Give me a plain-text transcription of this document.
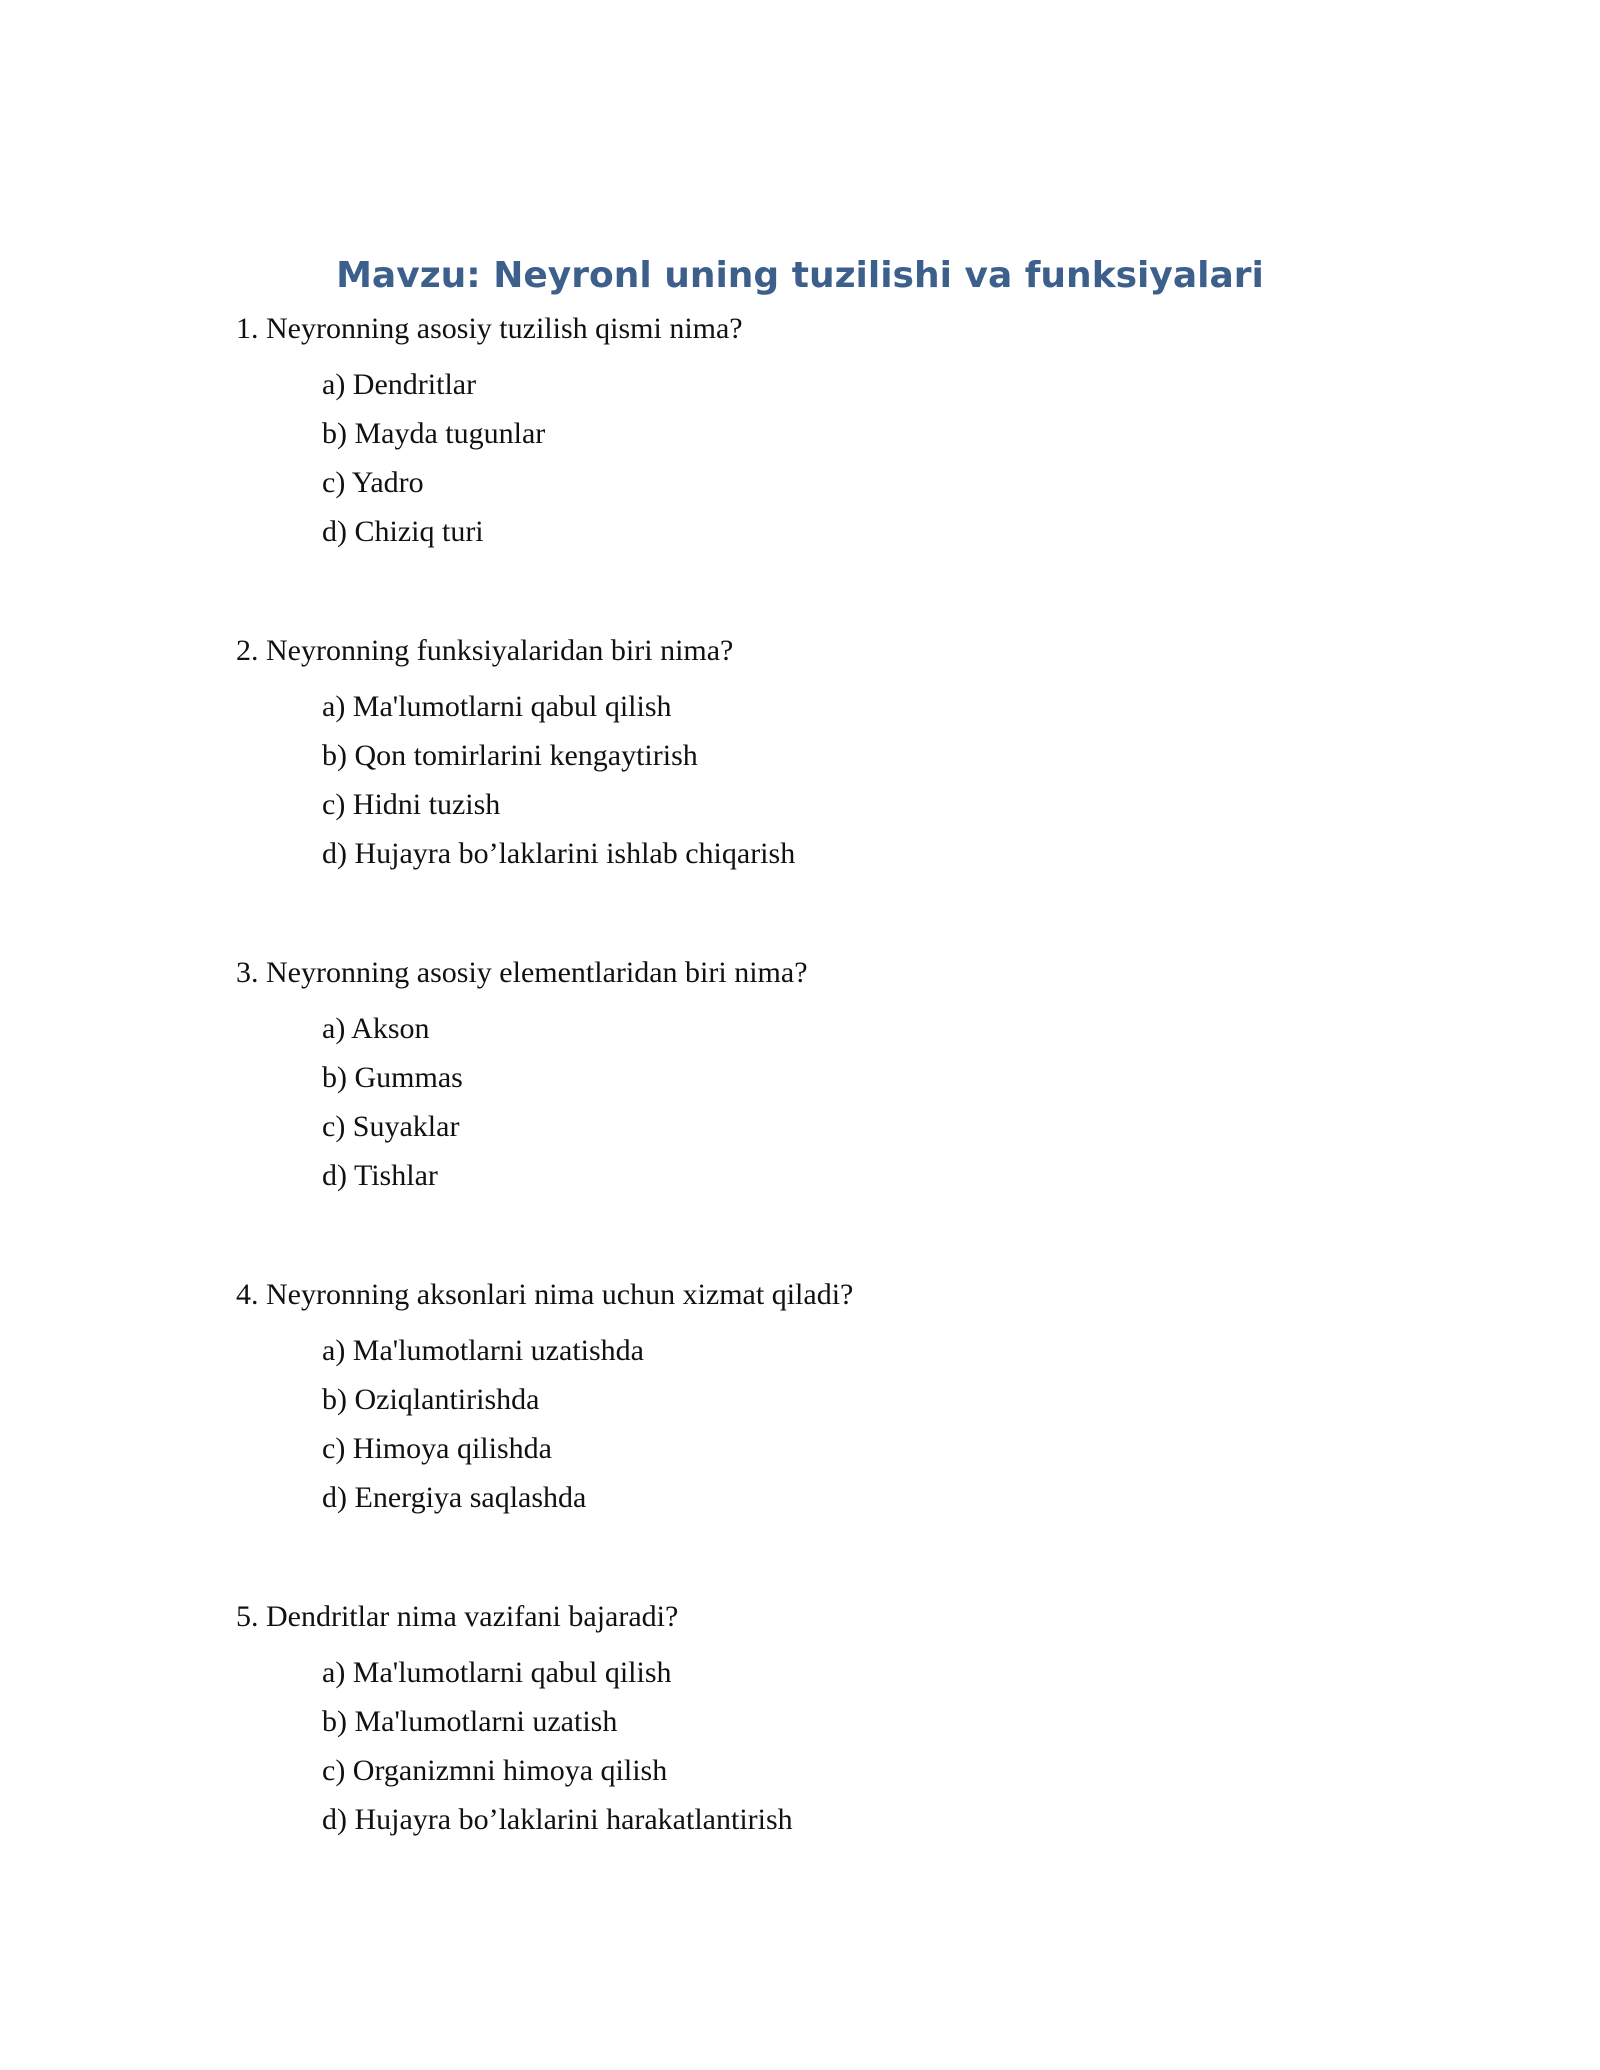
Mavzu: Neyronl uning tuzilishi va funksiyalari

1. Neyronning asosiy tuzilish qismi nima?

a) Dendritlar
b) Mayda tugunlar
c) Yadro
d) Chiziq turi

2. Neyronning funksiyalaridan biri nima?

a) Ma'lumotlarni qabul qilish
b) Qon tomirlarini kengaytirish
c) Hidni tuzish
d) Hujayra bo’laklarini ishlab chiqarish

3. Neyronning asosiy elementlaridan biri nima?

a) Akson
b) Gummas
c) Suyaklar
d) Tishlar

4. Neyronning aksonlari nima uchun xizmat qiladi?

a) Ma'lumotlarni uzatishda
b) Oziqlantirishda
c) Himoya qilishda
d) Energiya saqlashda

5. Dendritlar nima vazifani bajaradi?

a) Ma'lumotlarni qabul qilish
b) Ma'lumotlarni uzatish
c) Organizmni himoya qilish
d) Hujayra bo’laklarini harakatlantirish
